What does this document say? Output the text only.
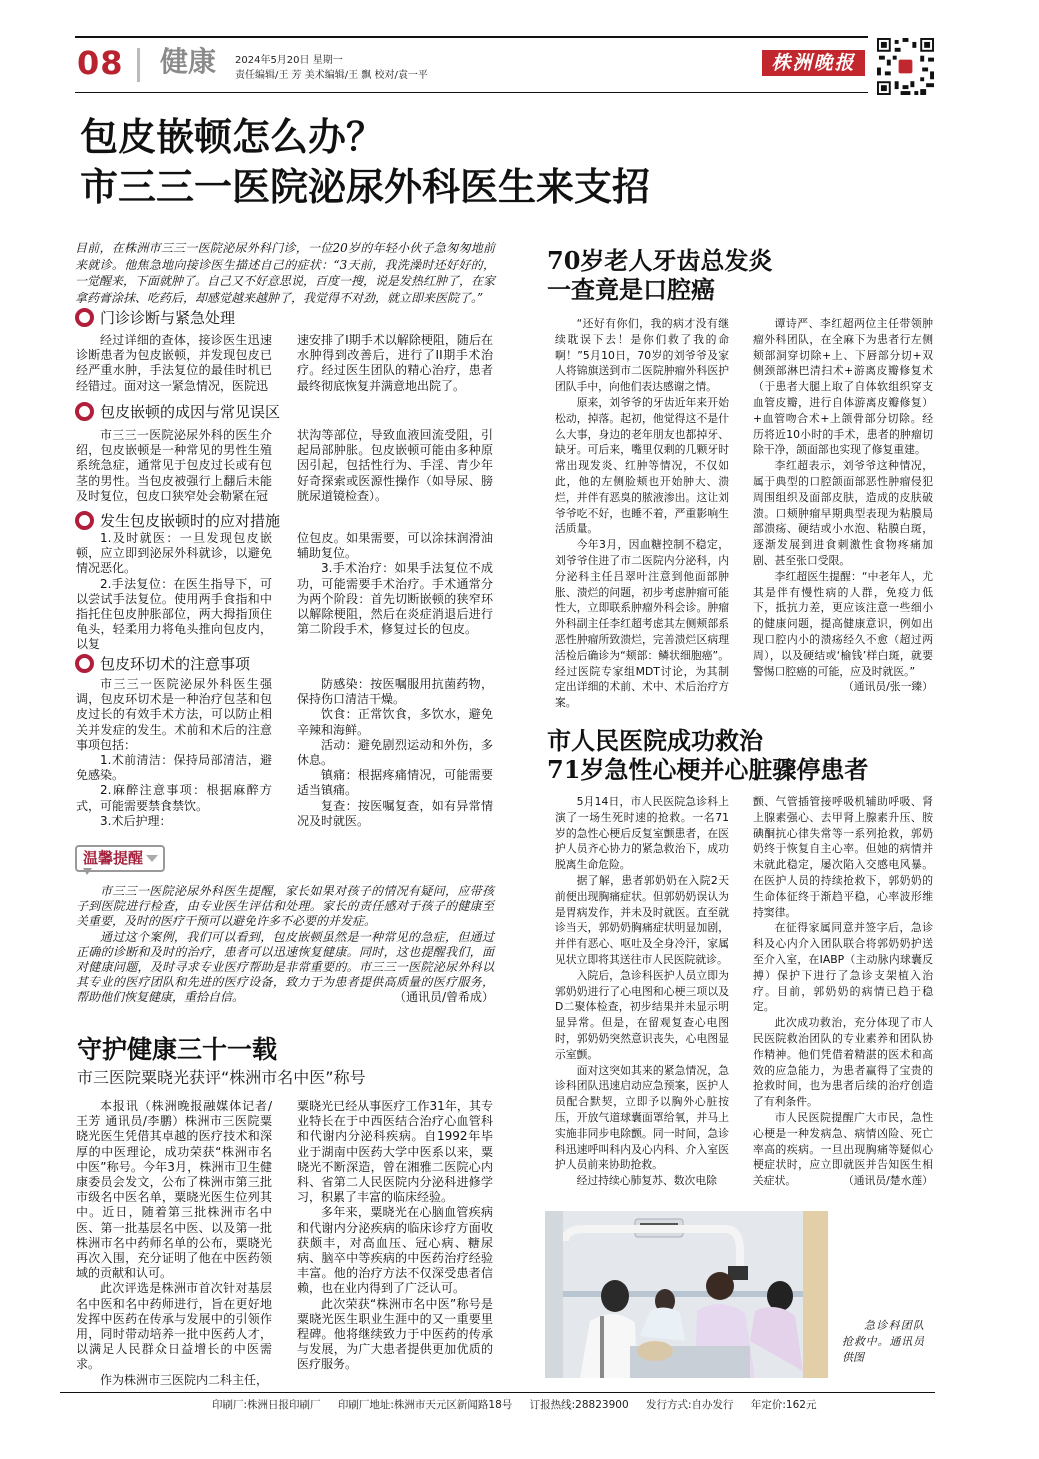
08 健康 2024年5月20日 星期一
责任编辑/王 芳 美术编辑/王 飘 校对/袁一平
株洲晚报
包皮嵌顿怎么办？
市三三一医院泌尿外科医生来支招
目前，在株洲市三三一医院泌尿外科门诊，一位20岁的年轻小伙子急匆匆地前来就诊。他焦急地向接诊医生描述自己的症状：“3天前，我洗澡时还好好的，一觉醒来，下面就肿了。自己又不好意思说，百度一搜，说是发热红肿了，在家拿药膏涂抹、吃药后，却感觉越来越肿了，我觉得不对劲，就立即来医院了。”
门诊诊断与紧急处理

经过详细的查体，接诊医生迅速诊断患者为包皮嵌顿，并发现包皮已经严重水肿，手法复位的最佳时机已经错过。面对这一紧急情况，医院迅

速安排了I期手术以解除梗阻，随后在水肿得到改善后，进行了II期手术治疗。经过医生团队的精心治疗，患者最终彻底恢复并满意地出院了。

包皮嵌顿的成因与常见误区

市三三一医院泌尿外科的医生介绍，包皮嵌顿是一种常见的男性生殖系统急症，通常见于包皮过长或有包茎的男性。当包皮被强行上翻后未能及时复位，包皮口狭窄处会勒紧在冠

状沟等部位，导致血液回流受阻，引起局部肿胀。包皮嵌顿可能由多种原因引起，包括性行为、手淫、青少年好奇探索或医源性操作（如导尿、膀胱尿道镜检查）。

发生包皮嵌顿时的应对措施

1.及时就医：一旦发现包皮嵌顿，应立即到泌尿外科就诊，以避免情况恶化。

2.手法复位：在医生指导下，可以尝试手法复位。使用两手食指和中指托住包皮肿胀部位，两大拇指顶住龟头，轻柔用力将龟头推向包皮内，以复

位包皮。如果需要，可以涂抹润滑油辅助复位。

3.手术治疗：如果手法复位不成功，可能需要手术治疗。手术通常分为两个阶段：首先切断嵌顿的狭窄环以解除梗阻，然后在炎症消退后进行第二阶段手术，修复过长的包皮。

包皮环切术的注意事项

市三三一医院泌尿外科医生强调，包皮环切术是一种治疗包茎和包皮过长的有效手术方法，可以防止相关并发症的发生。术前和术后的注意事项包括：

1.术前清洁：保持局部清洁，避免感染。

2.麻醉注意事项：根据麻醉方式，可能需要禁食禁饮。

3.术后护理：

防感染：按医嘱服用抗菌药物，保持伤口清洁干燥。

饮食：正常饮食，多饮水，避免辛辣和海鲜。

活动：避免剧烈运动和外伤，多休息。

镇痛：根据疼痛情况，可能需要适当镇痛。

复查：按医嘱复查，如有异常情况及时就医。

温馨提醒

市三三一医院泌尿外科医生提醒，家长如果对孩子的情况有疑问，应带孩子到医院进行检查，由专业医生评估和处理。家长的责任感对于孩子的健康至关重要，及时的医疗干预可以避免许多不必要的并发症。

通过这个案例，我们可以看到，包皮嵌顿虽然是一种常见的急症，但通过正确的诊断和及时的治疗，患者可以迅速恢复健康。同时，这也提醒我们，面对健康问题，及时寻求专业医疗帮助是非常重要的。市三三一医院泌尿外科以其专业的医疗团队和先进的医疗设备，致力于为患者提供高质量的医疗服务，帮助他们恢复健康，重拾自信。	（通讯员/曾希成）

守护健康三十一载
市三医院粟晓光获评“株洲市名中医”称号

本报讯（株洲晚报融媒体记者/王芳 通讯员/李鹏）株洲市三医院粟晓光医生凭借其卓越的医疗技术和深厚的中医理论，成功荣获“株洲市名中医”称号。今年3月，株洲市卫生健康委员会发文，公布了株洲市第三批市级名中医名单，粟晓光医生位列其中。近日，随着第三批株洲市名中医、第一批基层名中医、以及第一批株洲市名中药师名单的公布，粟晓光再次入围，充分证明了他在中医药领域的贡献和认可。

此次评选是株洲市首次针对基层名中医和名中药师进行，旨在更好地发挥中医药在传承与发展中的引领作用，同时带动培养一批中医药人才，以满足人民群众日益增长的中医需求。

作为株洲市三医院内二科主任，

粟晓光已经从事医疗工作31年，其专业特长在于中西医结合治疗心血管科和代谢内分泌科疾病。自1992年毕业于湖南中医药大学中医系以来，粟晓光不断深造，曾在湘雅二医院心内科、省第二人民医院内分泌科进修学习，积累了丰富的临床经验。

多年来，粟晓光在心脑血管疾病和代谢内分泌疾病的临床诊疗方面收获颇丰，对高血压、冠心病、糖尿病、脑卒中等疾病的中医药治疗经验丰富。他的治疗方法不仅深受患者信赖，也在业内得到了广泛认可。

此次荣获“株洲市名中医”称号是粟晓光医生职业生涯中的又一重要里程碑。他将继续致力于中医药的传承与发展，为广大患者提供更加优质的医疗服务。

70岁老人牙齿总发炎
一查竟是口腔癌

“还好有你们，我的病才没有继续耽误下去！是你们救了我的命啊！”5月10日，70岁的刘爷爷及家人将锦旗送到市二医院肿瘤外科医护团队手中，向他们表达感谢之情。

原来，刘爷爷的牙齿近年来开始松动，掉落。起初，他觉得这不是什么大事，身边的老年朋友也都掉牙、缺牙。可后来，嘴里仅剩的几颗牙时常出现发炎、红肿等情况，不仅如此，他的左侧脸颊也开始肿大、溃烂，并伴有恶臭的脓液渗出。这让刘爷爷吃不好，也睡不着，严重影响生活质量。

今年3月，因血糖控制不稳定，刘爷爷住进了市二医院内分泌科，内分泌科主任吕翠叶注意到他面部肿胀、溃烂的问题，初步考虑肿瘤可能性大，立即联系肿瘤外科会诊。肿瘤外科副主任李红超考虑其左侧颊部系恶性肿瘤所致溃烂，完善溃烂区病理活检后确诊为“颊部：鳞状细胞癌”。经过医院专家组MDT讨论，为其制定出详细的术前、术中、术后治疗方案。

谭诗严、李红超两位主任带领肿瘤外科团队，在全麻下为患者行左侧颊部洞穿切除+上、下唇部分切+双侧颈部淋巴清扫术+游离皮瓣修复术（于患者大腿上取了自体软组织穿支血管皮瓣，进行自体游离皮瓣修复）+血管吻合术+上颌骨部分切除。经历将近10小时的手术，患者的肿瘤切除干净，颌面部也实现了修复重建。

李红超表示，刘爷爷这种情况，属于典型的口腔颌面部恶性肿瘤侵犯周围组织及面部皮肤，造成的皮肤破溃。口颊肿瘤早期典型表现为粘膜局部溃疡、硬结或小水泡、粘膜白斑，逐渐发展到进食刺激性食物疼痛加剧、甚至张口受限。

李红超医生提醒：“中老年人，尤其是伴有慢性病的人群，免疫力低下，抵抗力差，更应该注意一些细小的健康问题，提高健康意识，例如出现口腔内小的溃疡经久不愈（超过两周），以及硬结或‘榆钱’样白斑，就要警惕口腔癌的可能，应及时就医。”
（通讯员/张一臻）

市人民医院成功救治
71岁急性心梗并心脏骤停患者

5月14日，市人民医院急诊科上演了一场生死时速的抢救。一名71岁的急性心梗后反复室颤患者，在医护人员齐心协力的紧急救治下，成功脱离生命危险。

据了解，患者郭奶奶在入院2天前便出现胸痛症状。但郭奶奶误认为是胃病发作，并未及时就医。直至就诊当天，郭奶奶胸痛症状明显加剧，并伴有恶心、呕吐及全身冷汗，家属见状立即将其送往市人民医院就诊。

入院后，急诊科医护人员立即为郭奶奶进行了心电图和心梗三项以及D二聚体检查，初步结果并未显示明显异常。但是，在留观复查心电图时，郭奶奶突然意识丧失，心电图显示室颤。

面对这突如其来的紧急情况，急诊科团队迅速启动应急预案，医护人员配合默契，立即予以胸外心脏按压，开放气道球囊面罩给氧，并马上实施非同步电除颤。同一时间，急诊科迅速呼叫科内及心内科、介入室医护人员前来协助抢救。

经过持续心肺复苏、数次电除

颤、气管插管接呼吸机辅助呼吸、肾上腺素强心、去甲肾上腺素升压、胺碘酮抗心律失常等一系列抢救，郭奶奶终于恢复自主心率。但她的病情并未就此稳定，屡次陷入交感电风暴。在医护人员的持续抢救下，郭奶奶的生命体征终于渐趋平稳，心率波形维持窦律。

在征得家属同意并签字后，急诊科及心内介入团队联合将郭奶奶护送至介入室，在IABP（主动脉内球囊反搏）保护下进行了急诊支架植入治疗。目前，郭奶奶的病情已趋于稳定。

此次成功救治，充分体现了市人民医院救治团队的专业素养和团队协作精神。他们凭借着精湛的医术和高效的应急能力，为患者赢得了宝贵的抢救时间，也为患者后续的治疗创造了有利条件。

市人民医院提醒广大市民，急性心梗是一种发病急、病情凶险、死亡率高的疾病。一旦出现胸痛等疑似心梗症状时，应立即就医并告知医生相关症状。	（通讯员/楚水莲）

急诊科团队抢救中。通讯员供图
印刷厂:株洲日报印刷厂 印刷厂地址:株洲市天元区新闻路18号 订报热线:28823900 发行方式:自办发行 年定价:162元
